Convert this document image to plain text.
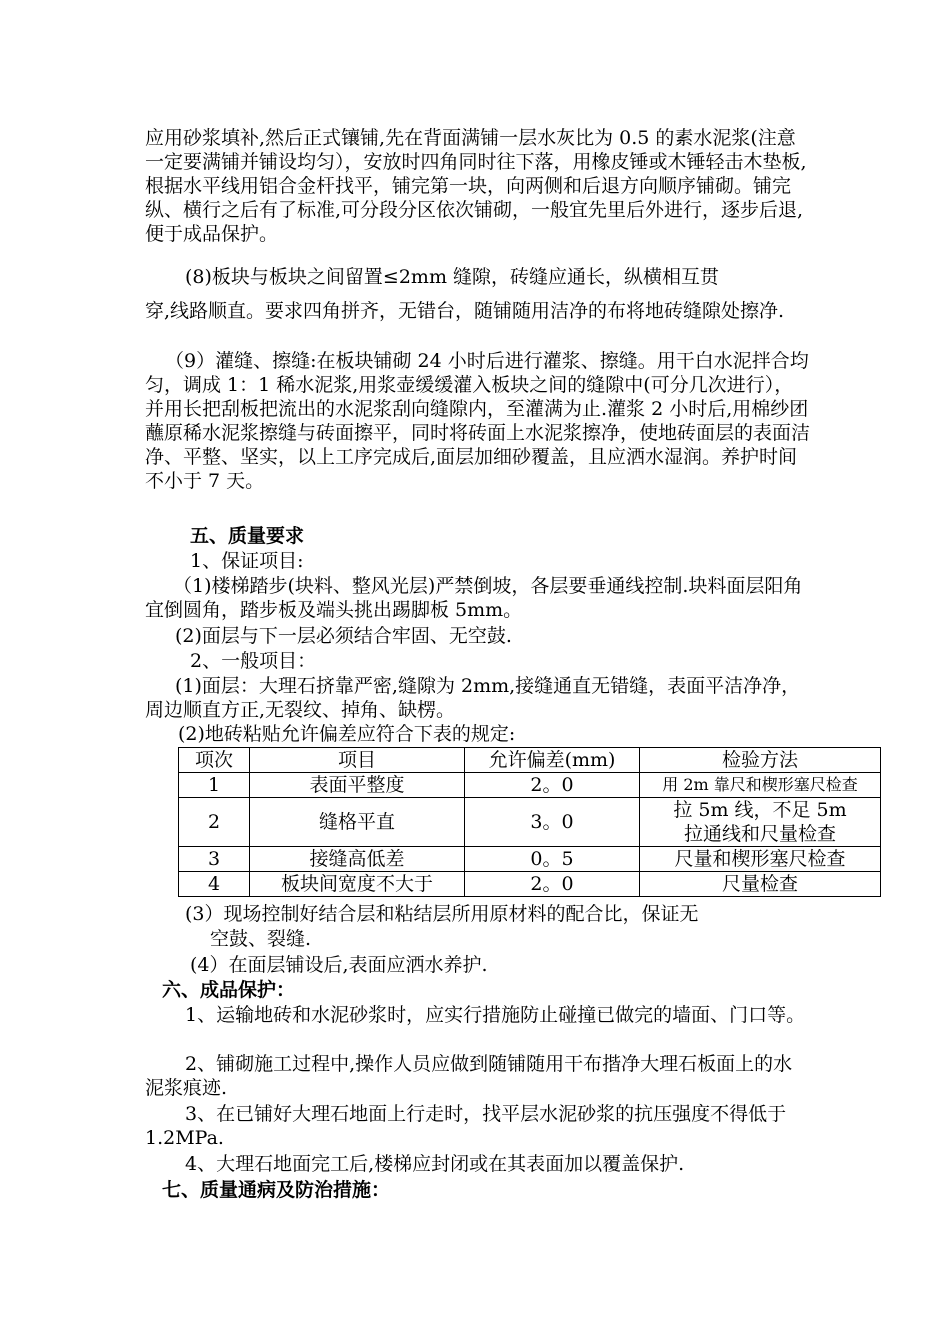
应用砂浆填补,然后正式镶铺,先在背面满铺一层水灰比为 0.5 的素水泥浆(注意一定要满铺并铺设均匀），安放时四角同时往下落，用橡皮锤或木锤轻击木垫板,根据水平线用铝合金杆找平，铺完第一块，向两侧和后退方向顺序铺砌。铺完纵、横行之后有了标准,可分段分区依次铺砌，一般宜先里后外进行，逐步后退,便于成品保护。

(8)板块与板块之间留置≤2mm 缝隙，砖缝应通长，纵横相互贯

穿,线路顺直。要求四角拼齐，无错台，随铺随用洁净的布将地砖缝隙处擦净.

（9）灌缝、擦缝:在板块铺砌 24 小时后进行灌浆、擦缝。用干白水泥拌合均匀，调成 1：1 稀水泥浆,用浆壶缓缓灌入板块之间的缝隙中(可分几次进行），并用长把刮板把流出的水泥浆刮向缝隙内，至灌满为止.灌浆 2 小时后,用棉纱团蘸原稀水泥浆擦缝与砖面擦平，同时将砖面上水泥浆擦净，使地砖面层的表面洁净、平整、坚实，以上工序完成后,面层加细砂覆盖，且应洒水湿润。养护时间不小于 7 天。

五、质量要求

1、保证项目:

（1)楼梯踏步(块料、整风光层)严禁倒坡，各层要垂通线控制.块料面层阳角宜倒圆角，踏步板及端头挑出踢脚板 5mm。

(2)面层与下一层必须结合牢固、无空鼓.

2、一般项目：

(1)面层：大理石挤靠严密,缝隙为 2mm,接缝通直无错缝，表面平洁净净，周边顺直方正,无裂纹、掉角、缺楞。

(2)地砖粘贴允许偏差应符合下表的规定:

项次	项目	允许偏差(mm)	检验方法
1	表面平整度	2。0	用 2m 靠尺和楔形塞尺检查
2	缝格平直	3。0	拉 5m 线，不足 5m 拉通线和尺量检查
3	接缝高低差	0。5	尺量和楔形塞尺检查
4	板块间宽度不大于	2。0	尺量检查

(3）现场控制好结合层和粘结层所用原材料的配合比，保证无

空鼓、裂缝.

(4）在面层铺设后,表面应洒水养护.

六、成品保护：

1、运输地砖和水泥砂浆时，应实行措施防止碰撞已做完的墙面、门口等。

2、铺砌施工过程中,操作人员应做到随铺随用干布揩净大理石板面上的水泥浆痕迹.

3、在已铺好大理石地面上行走时，找平层水泥砂浆的抗压强度不得低于 1.2MPa.

4、大理石地面完工后,楼梯应封闭或在其表面加以覆盖保护.

七、质量通病及防治措施：
